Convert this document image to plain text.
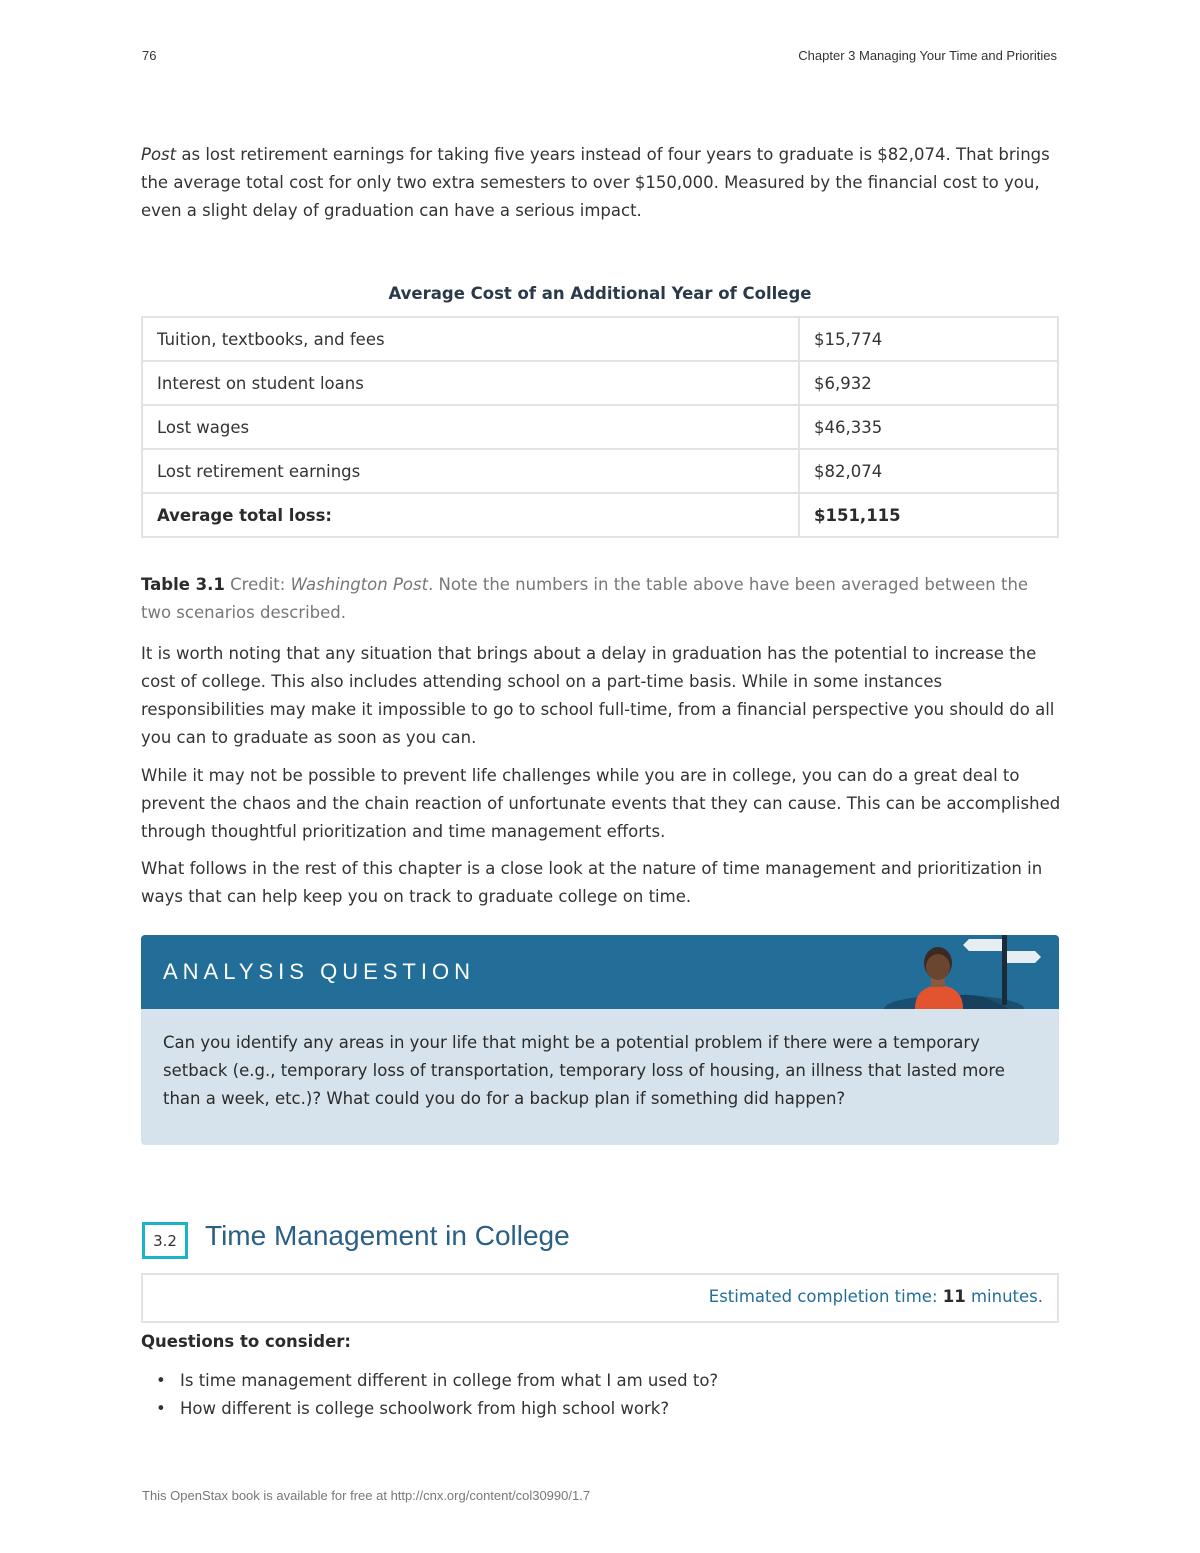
76	Chapter 3 Managing Your Time and Priorities

Post as lost retirement earnings for taking five years instead of four years to graduate is $82,074. That brings the average total cost for only two extra semesters to over $150,000. Measured by the financial cost to you, even a slight delay of graduation can have a serious impact.

Average Cost of an Additional Year of College
Tuition, textbooks, and fees	$15,774
Interest on student loans	$6,932
Lost wages	$46,335
Lost retirement earnings	$82,074
Average total loss:	$151,115

Table 3.1 Credit: Washington Post. Note the numbers in the table above have been averaged between the two scenarios described.

It is worth noting that any situation that brings about a delay in graduation has the potential to increase the cost of college. This also includes attending school on a part-time basis. While in some instances responsibilities may make it impossible to go to school full-time, from a financial perspective you should do all you can to graduate as soon as you can.

While it may not be possible to prevent life challenges while you are in college, you can do a great deal to prevent the chaos and the chain reaction of unfortunate events that they can cause. This can be accomplished through thoughtful prioritization and time management efforts.

What follows in the rest of this chapter is a close look at the nature of time management and prioritization in ways that can help keep you on track to graduate college on time.

ANALYSIS QUESTION

Can you identify any areas in your life that might be a potential problem if there were a temporary setback (e.g., temporary loss of transportation, temporary loss of housing, an illness that lasted more than a week, etc.)? What could you do for a backup plan if something did happen?

3.2	Time Management in College
Estimated completion time: 11 minutes.
Questions to consider:
• Is time management different in college from what I am used to?
• How different is college schoolwork from high school work?
This OpenStax book is available for free at http://cnx.org/content/col30990/1.7
